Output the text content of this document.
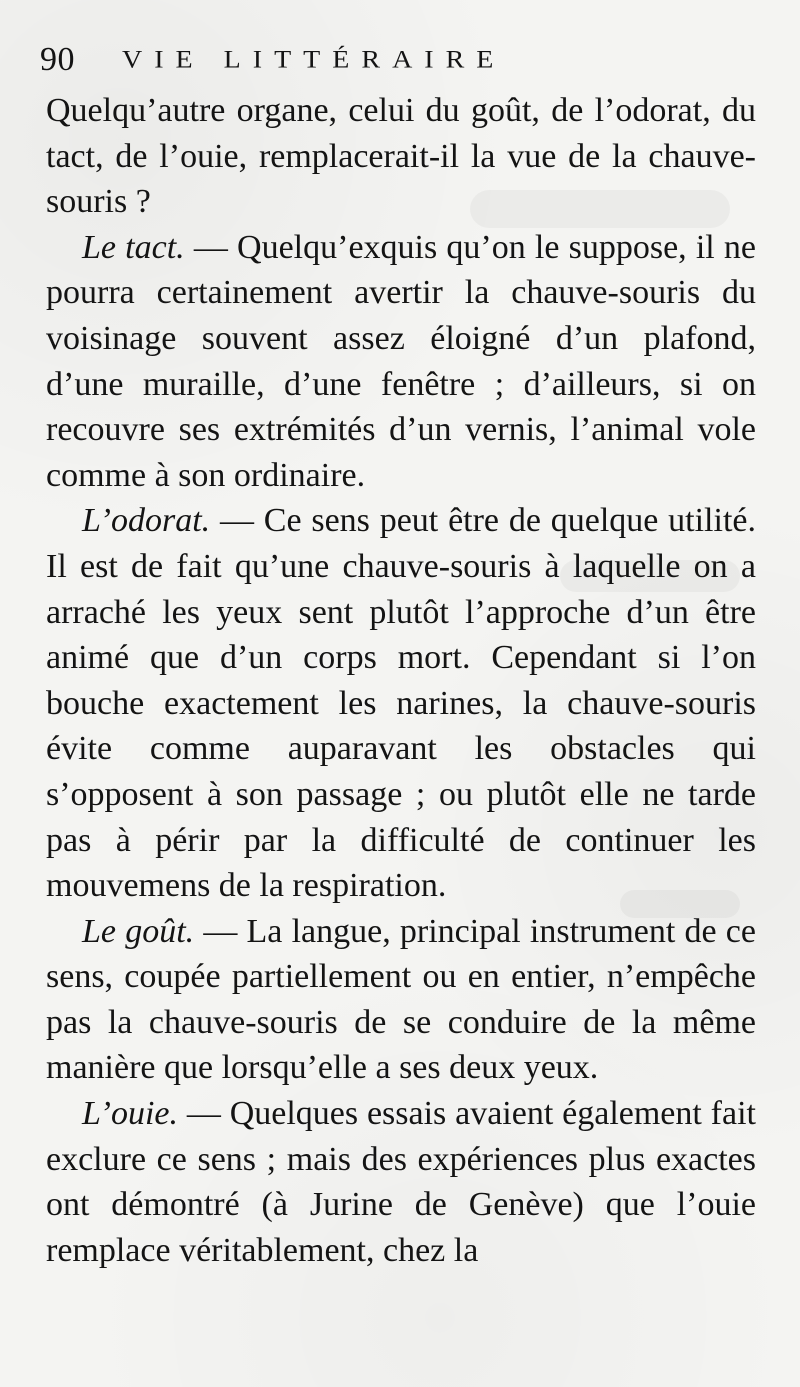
90	VIE LITTÉRAIRE

Quelqu’autre organe, celui du goût, de l’odorat, du tact, de l’ouie, remplacerait-il la vue de la chauve-souris ?

Le tact. — Quelqu’exquis qu’on le suppose, il ne pourra certainement avertir la chauve-souris du voisinage souvent assez éloigné d’un plafond, d’une muraille, d’une fenêtre ; d’ailleurs, si on recouvre ses extrémités d’un vernis, l’animal vole comme à son ordinaire.

L’odorat. — Ce sens peut être de quelque utilité. Il est de fait qu’une chauve-souris à laquelle on a arraché les yeux sent plutôt l’approche d’un être animé que d’un corps mort. Cependant si l’on bouche exactement les narines, la chauve-souris évite comme auparavant les obstacles qui s’opposent à son passage ; ou plutôt elle ne tarde pas à périr par la difficulté de continuer les mouvemens de la respiration.

Le goût. — La langue, principal instrument de ce sens, coupée partiellement ou en entier, n’empêche pas la chauve-souris de se conduire de la même manière que lorsqu’elle a ses deux yeux.

L’ouie. — Quelques essais avaient également fait exclure ce sens ; mais des expériences plus exactes ont démontré (à Jurine de Genève) que l’ouie remplace véritablement, chez la
